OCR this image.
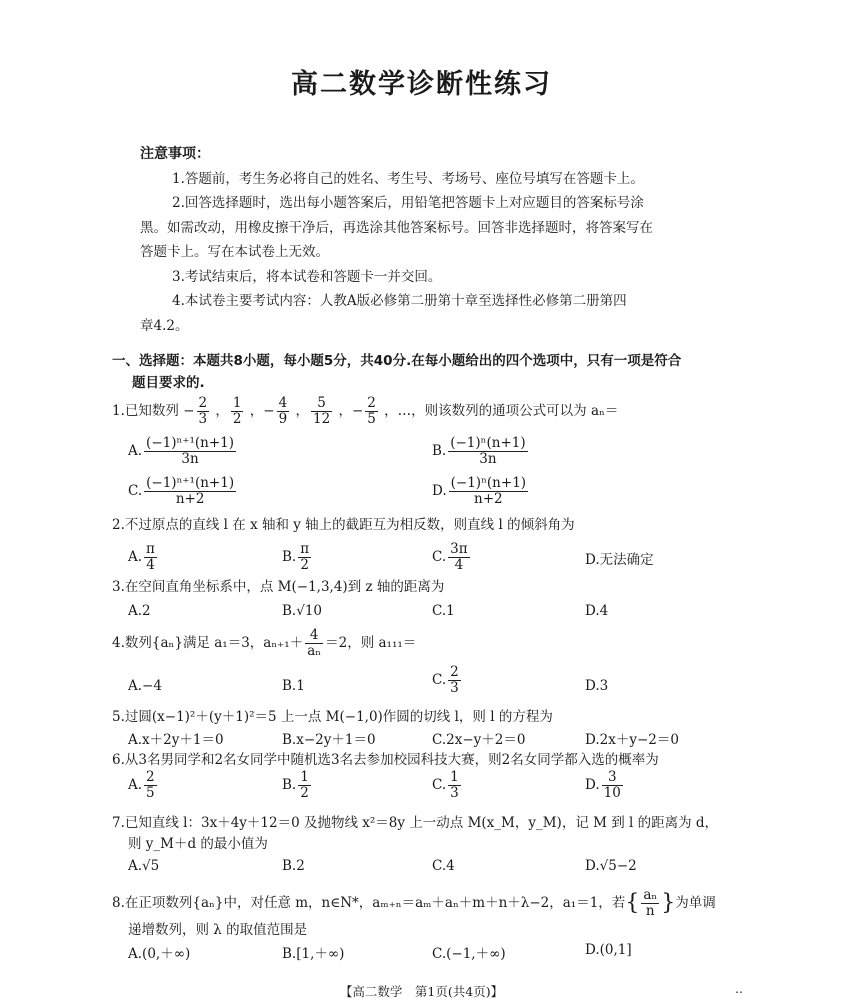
高二数学诊断性练习
注意事项：

1.答题前，考生务必将自己的姓名、考生号、考场号、座位号填写在答题卡上。

2.回答选择题时，选出每小题答案后，用铅笔把答题卡上对应题目的答案标号涂

黑。如需改动，用橡皮擦干净后，再选涂其他答案标号。回答非选择题时，将答案写在

答题卡上。写在本试卷上无效。

3.考试结束后，将本试卷和答题卡一并交回。

4.本试卷主要考试内容：人教A版必修第二册第十章至选择性必修第二册第四

章4.2。

一、选择题：本题共8小题，每小题5分，共40分.在每小题给出的四个选项中，只有一项是符合
题目要求的.
1.已知数列 − $\frac{2}{3}$ ， $\frac{1}{2}$ ，− $\frac{4}{9}$ ， $\frac{5}{12}$ ，− $\frac{2}{5}$ ，…，则该数列的通项公式可以为 aₙ＝
A. $\frac{\text{(−1)ⁿ⁺¹(n+1)}}{3n}$	B. $\frac{\text{(−1)ⁿ(n+1)}}{3n}$
C. $\frac{\text{(−1)ⁿ⁺¹(n+1)}}{n+2}$	D. $\frac{\text{(−1)ⁿ(n+1)}}{n+2}$
2.不过原点的直线 l 在 x 轴和 y 轴上的截距互为相反数，则直线 l 的倾斜角为
A. $\frac{\pi}{4}$	B. $\frac{\pi}{2}$	C. $\frac{3\pi}{4}$	D.无法确定
3.在空间直角坐标系中，点 M(−1,3,4)到 z 轴的距离为
A.2	B.√10	C.1	D.4
4.数列{aₙ}满足 a₁＝3，$a_{n+1}+ \frac{4}{\text{aₙ}} =2$，则 a₁₁₁＝
A.−4	B.1	C. $\frac{2}{3}$	D.3
5.过圆(x−1)²＋(y＋1)²＝5 上一点 M(−1,0)作圆的切线 l，则 l 的方程为
A.x＋2y＋1＝0	B.x−2y＋1＝0	C.2x−y＋2＝0	D.2x＋y−2＝0
6.从3名男同学和2名女同学中随机选3名去参加校园科技大赛，则2名女同学都入选的概率为
A. $\frac{2}{5}$	B. $\frac{1}{2}$	C. $\frac{1}{3}$	D. $\frac{3}{10}$
7.已知直线 l：3x＋4y＋12＝0 及抛物线 x²＝8y 上一动点 M(x_M，y_M)，记 M 到 l 的距离为 d，
则 y_M＋d 的最小值为
A.√5	B.2	C.4	D.√5−2
8.在正项数列{aₙ}中，对任意 m，n∈N*，aₘ₊ₙ＝aₘ＋aₙ＋m＋n＋λ−2，a₁＝1，若{ $\frac{\text{aₙ}}{n}$ }为单调
递增数列，则 λ 的取值范围是
A.(0,＋∞)	B.[1,＋∞)	C.(−1,＋∞)	D.(0,1]
【高二数学　第1页(共4页)】	‥
